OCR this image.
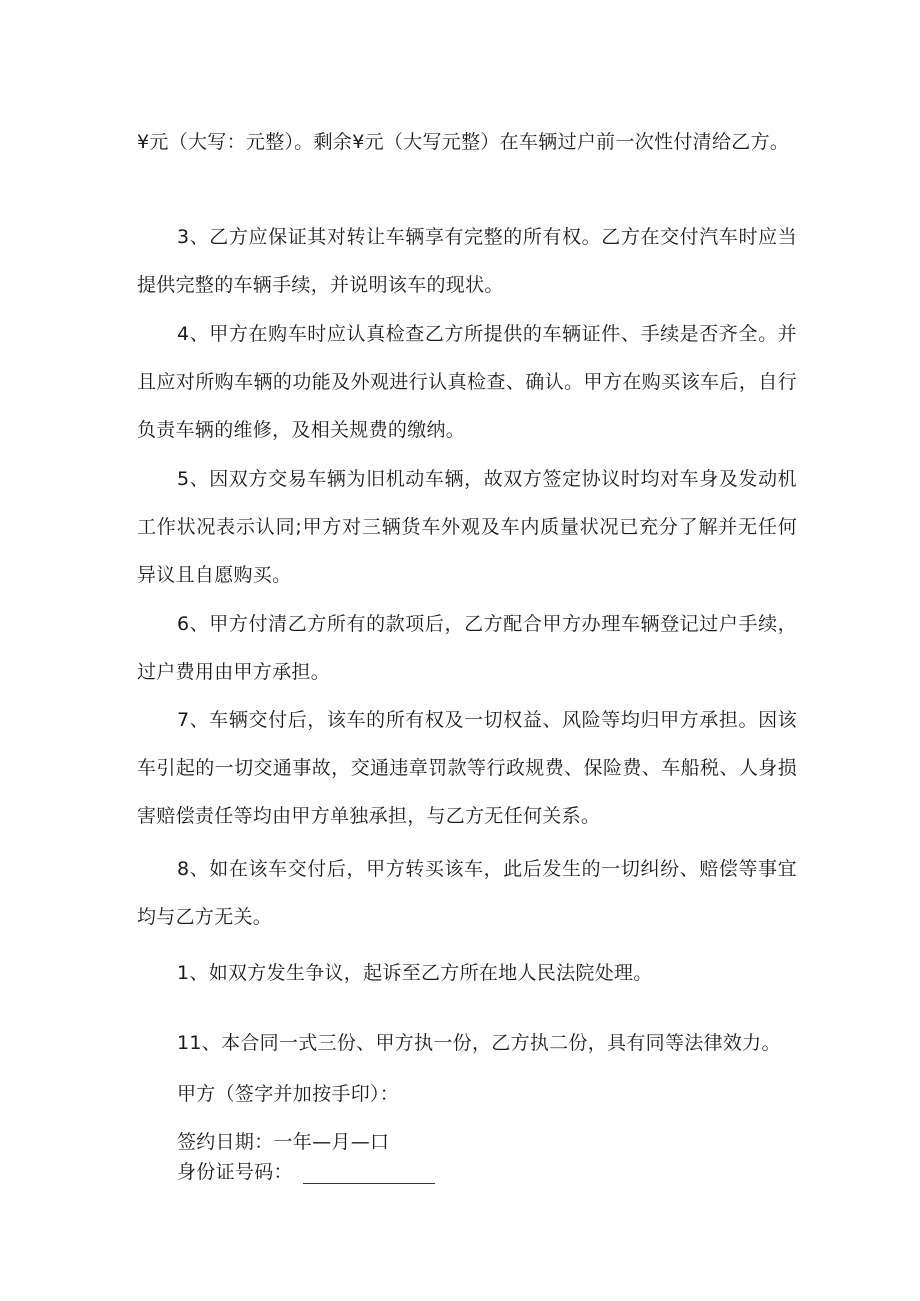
¥元（大写：元整）。剩余¥元（大写元整）在车辆过户前一次性付清给乙方。

3、乙方应保证其对转让车辆享有完整的所有权。乙方在交付汽车时应当提供完整的车辆手续，并说明该车的现状。

4、甲方在购车时应认真检查乙方所提供的车辆证件、手续是否齐全。并且应对所购车辆的功能及外观进行认真检查、确认。甲方在购买该车后，自行负责车辆的维修，及相关规费的缴纳。

5、因双方交易车辆为旧机动车辆，故双方签定协议时均对车身及发动机工作状况表示认同;甲方对三辆货车外观及车内质量状况已充分了解并无任何异议且自愿购买。

6、甲方付清乙方所有的款项后，乙方配合甲方办理车辆登记过户手续，过户费用由甲方承担。

7、车辆交付后，该车的所有权及一切权益、风险等均归甲方承担。因该车引起的一切交通事故，交通违章罚款等行政规费、保险费、车船税、人身损害赔偿责任等均由甲方单独承担，与乙方无任何关系。

8、如在该车交付后，甲方转买该车，此后发生的一切纠纷、赔偿等事宜均与乙方无关。

1、如双方发生争议，起诉至乙方所在地人民法院处理。

11、本合同一式三份、甲方执一份，乙方执二份，具有同等法律效力。

甲方（签字并加按手印）：

签约日期：一年—月—口

身份证号码：
